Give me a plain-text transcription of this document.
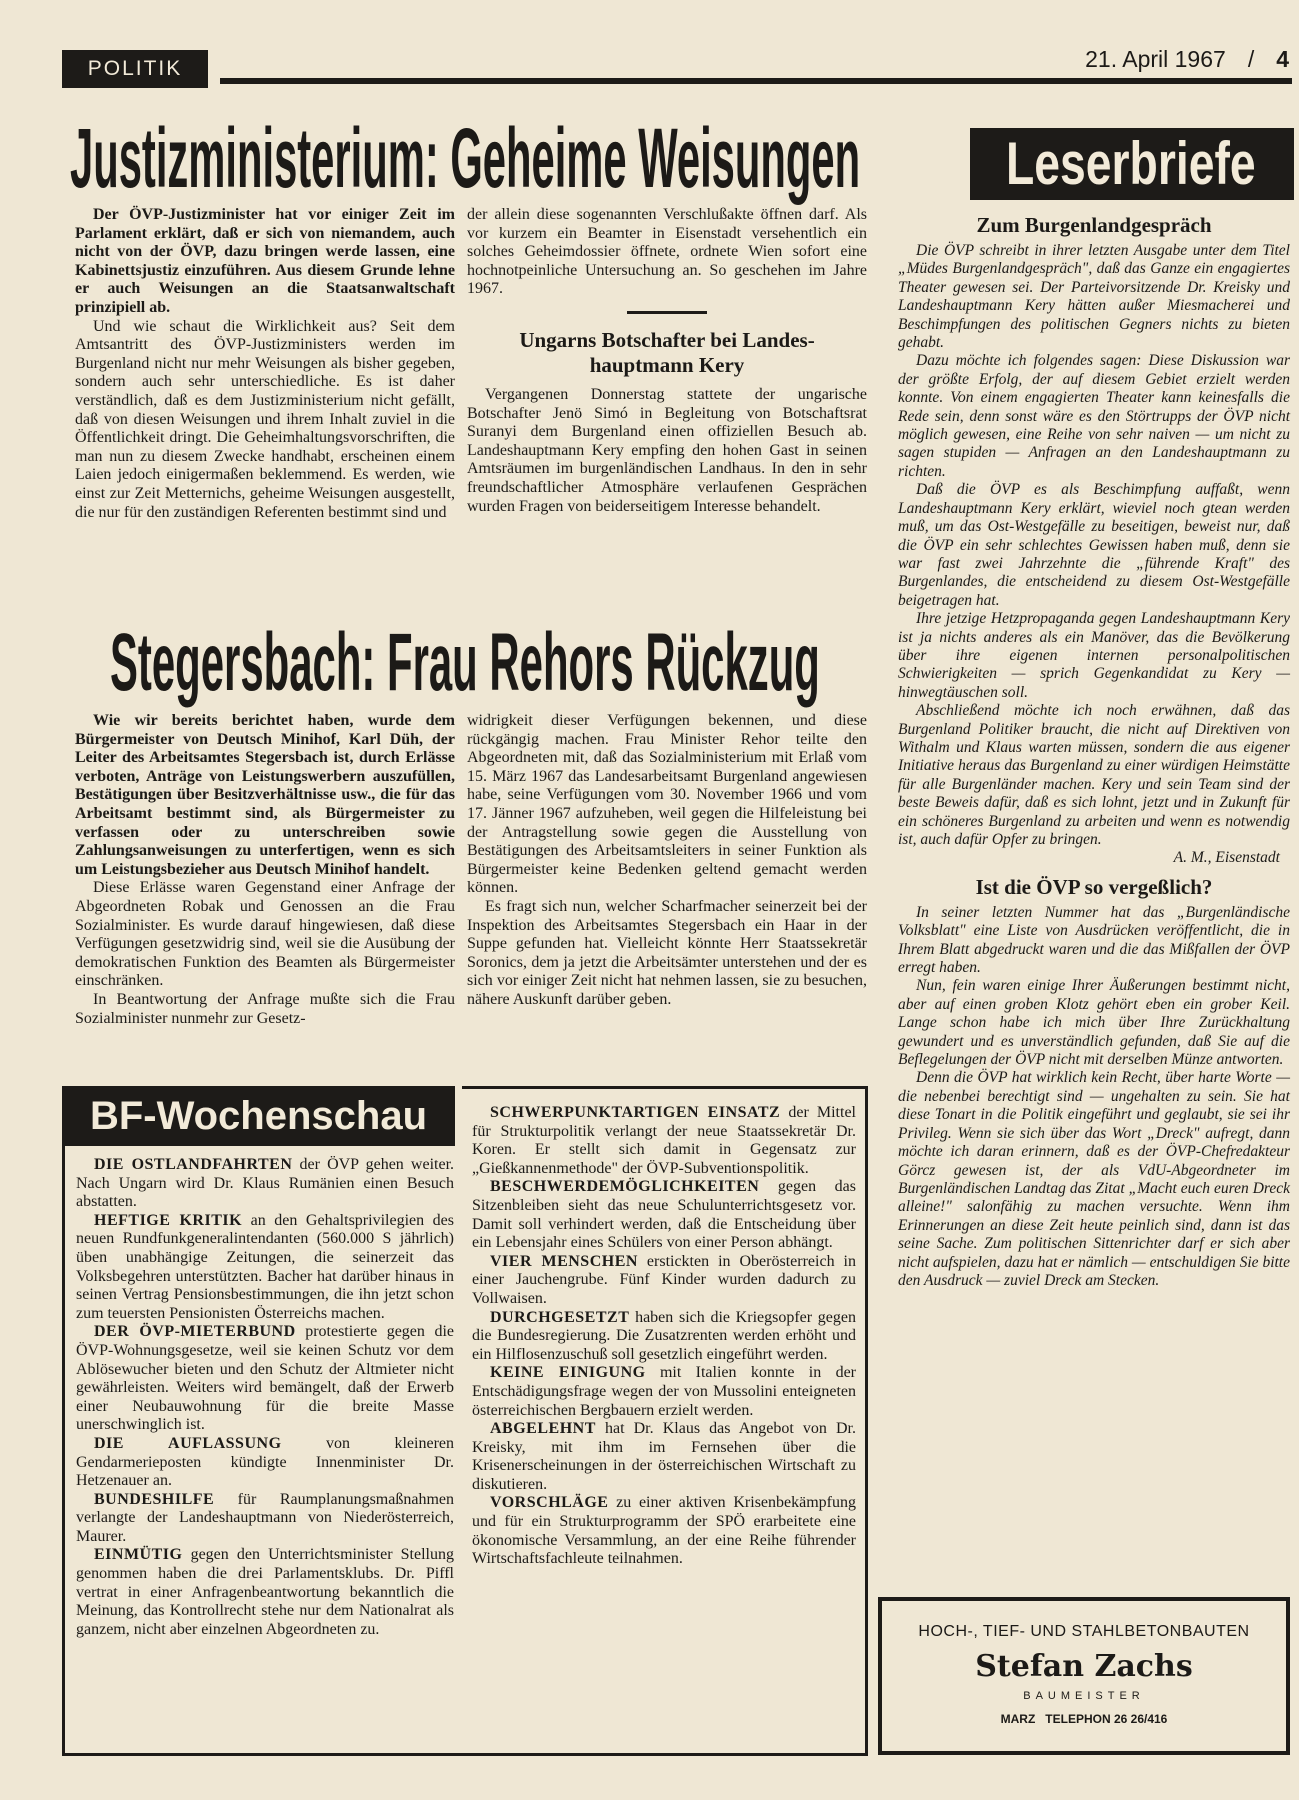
POLITIK	21. April 1967 / 4
Justizministerium: Geheime Weisungen

Der ÖVP-Justizminister hat vor einiger Zeit im Parlament erklärt, daß er sich von niemandem, auch nicht von der ÖVP, dazu bringen werde lassen, eine Kabinettsjustiz einzuführen. Aus diesem Grunde lehne er auch Weisungen an die Staatsanwaltschaft prinzipiell ab.

Und wie schaut die Wirklichkeit aus? Seit dem Amtsantritt des ÖVP-Justizministers werden im Burgenland nicht nur mehr Weisungen als bisher gegeben, sondern auch sehr unterschiedliche. Es ist daher verständlich, daß es dem Justizministerium nicht gefällt, daß von diesen Weisungen und ihrem Inhalt zuviel in die Öffentlichkeit dringt. Die Geheimhaltungsvorschriften, die man nun zu diesem Zwecke handhabt, erscheinen einem Laien jedoch einigermaßen beklemmend. Es werden, wie einst zur Zeit Metternichs, geheime Weisungen ausgestellt, die nur für den zuständigen Referenten bestimmt sind und

der allein diese sogenannten Verschlußakte öffnen darf. Als vor kurzem ein Beamter in Eisenstadt versehentlich ein solches Geheimdossier öffnete, ordnete Wien sofort eine hochnotpeinliche Untersuchung an. So geschehen im Jahre 1967.

Ungarns Botschafter bei Landes-
hauptmann Kery

Vergangenen Donnerstag stattete der ungarische Botschafter Jenö Simó in Begleitung von Botschaftsrat Suranyi dem Burgenland einen offiziellen Besuch ab. Landeshauptmann Kery empfing den hohen Gast in seinen Amtsräumen im burgenländischen Landhaus. In den in sehr freundschaftlicher Atmosphäre verlaufenen Gesprächen wurden Fragen von beiderseitigem Interesse behandelt.

Stegersbach: Frau Rehors Rückzug

Wie wir bereits berichtet haben, wurde dem Bürgermeister von Deutsch Minihof, Karl Düh, der Leiter des Arbeitsamtes Stegersbach ist, durch Erlässe verboten, Anträge von Leistungswerbern auszufüllen, Bestätigungen über Besitzverhältnisse usw., die für das Arbeitsamt bestimmt sind, als Bürgermeister zu verfassen oder zu unterschreiben sowie Zahlungsanweisungen zu unterfertigen, wenn es sich um Leistungsbezieher aus Deutsch Minihof handelt.

Diese Erlässe waren Gegenstand einer Anfrage der Abgeordneten Robak und Genossen an die Frau Sozialminister. Es wurde darauf hingewiesen, daß diese Verfügungen gesetzwidrig sind, weil sie die Ausübung der demokratischen Funktion des Beamten als Bürgermeister einschränken.

In Beantwortung der Anfrage mußte sich die Frau Sozialminister nunmehr zur Gesetz-

widrigkeit dieser Verfügungen bekennen, und diese rückgängig machen. Frau Minister Rehor teilte den Abgeordneten mit, daß das Sozialministerium mit Erlaß vom 15. März 1967 das Landesarbeitsamt Burgenland angewiesen habe, seine Verfügungen vom 30. November 1966 und vom 17. Jänner 1967 aufzuheben, weil gegen die Hilfeleistung bei der Antragstellung sowie gegen die Ausstellung von Bestätigungen des Arbeitsamtsleiters in seiner Funktion als Bürgermeister keine Bedenken geltend gemacht werden können.

Es fragt sich nun, welcher Scharfmacher seinerzeit bei der Inspektion des Arbeitsamtes Stegersbach ein Haar in der Suppe gefunden hat. Vielleicht könnte Herr Staatssekretär Soronics, dem ja jetzt die Arbeitsämter unterstehen und der es sich vor einiger Zeit nicht hat nehmen lassen, sie zu besuchen, nähere Auskunft darüber geben.

BF-Wochenschau

DIE OSTLANDFAHRTEN der ÖVP gehen weiter. Nach Ungarn wird Dr. Klaus Rumänien einen Besuch abstatten.

HEFTIGE KRITIK an den Gehaltsprivilegien des neuen Rundfunkgeneralintendanten (560.000 S jährlich) üben unabhängige Zeitungen, die seinerzeit das Volksbegehren unterstützten. Bacher hat darüber hinaus in seinen Vertrag Pensionsbestimmungen, die ihn jetzt schon zum teuersten Pensionisten Österreichs machen.

DER ÖVP-MIETERBUND protestierte gegen die ÖVP-Wohnungsgesetze, weil sie keinen Schutz vor dem Ablösewucher bieten und den Schutz der Altmieter nicht gewährleisten. Weiters wird bemängelt, daß der Erwerb einer Neubauwohnung für die breite Masse unerschwinglich ist.

DIE AUFLASSUNG von kleineren Gendarmerieposten kündigte Innenminister Dr. Hetzenauer an.

BUNDESHILFE für Raumplanungsmaßnahmen verlangte der Landeshauptmann von Niederösterreich, Maurer.

EINMÜTIG gegen den Unterrichtsminister Stellung genommen haben die drei Parlamentsklubs. Dr. Piffl vertrat in einer Anfragenbeantwortung bekanntlich die Meinung, das Kontrollrecht stehe nur dem Nationalrat als ganzem, nicht aber einzelnen Abgeordneten zu.

SCHWERPUNKTARTIGEN EINSATZ der Mittel für Strukturpolitik verlangt der neue Staatssekretär Dr. Koren. Er stellt sich damit in Gegensatz zur „Gießkannenmethode" der ÖVP-Subventionspolitik.

BESCHWERDEMÖGLICHKEITEN gegen das Sitzenbleiben sieht das neue Schulunterrichtsgesetz vor. Damit soll verhindert werden, daß die Entscheidung über ein Lebensjahr eines Schülers von einer Person abhängt.

VIER MENSCHEN erstickten in Oberösterreich in einer Jauchengrube. Fünf Kinder wurden dadurch zu Vollwaisen.

DURCHGESETZT haben sich die Kriegsopfer gegen die Bundesregierung. Die Zusatzrenten werden erhöht und ein Hilflosenzuschuß soll gesetzlich eingeführt werden.

KEINE EINIGUNG mit Italien konnte in der Entschädigungsfrage wegen der von Mussolini enteigneten österreichischen Bergbauern erzielt werden.

ABGELEHNT hat Dr. Klaus das Angebot von Dr. Kreisky, mit ihm im Fernsehen über die Krisenerscheinungen in der österreichischen Wirtschaft zu diskutieren.

VORSCHLÄGE zu einer aktiven Krisenbekämpfung und für ein Strukturprogramm der SPÖ erarbeitete eine ökonomische Versammlung, an der eine Reihe führender Wirtschaftsfachleute teilnahmen.

Leserbriefe
Zum Burgenlandgespräch

Die ÖVP schreibt in ihrer letzten Ausgabe unter dem Titel „Müdes Burgenlandgespräch", daß das Ganze ein engagiertes Theater gewesen sei. Der Parteivorsitzende Dr. Kreisky und Landeshauptmann Kery hätten außer Miesmacherei und Beschimpfungen des politischen Gegners nichts zu bieten gehabt.

Dazu möchte ich folgendes sagen: Diese Diskussion war der größte Erfolg, der auf diesem Gebiet erzielt werden konnte. Von einem engagierten Theater kann keinesfalls die Rede sein, denn sonst wäre es den Störtrupps der ÖVP nicht möglich gewesen, eine Reihe von sehr naiven — um nicht zu sagen stupiden — Anfragen an den Landeshauptmann zu richten.

Daß die ÖVP es als Beschimpfung auffaßt, wenn Landeshauptmann Kery erklärt, wieviel noch gtean werden muß, um das Ost-Westgefälle zu beseitigen, beweist nur, daß die ÖVP ein sehr schlechtes Gewissen haben muß, denn sie war fast zwei Jahrzehnte die „führende Kraft" des Burgenlandes, die entscheidend zu diesem Ost-Westgefälle beigetragen hat.

Ihre jetzige Hetzpropaganda gegen Landeshauptmann Kery ist ja nichts anderes als ein Manöver, das die Bevölkerung über ihre eigenen internen personalpolitischen Schwierigkeiten — sprich Gegenkandidat zu Kery — hinwegtäuschen soll.

Abschließend möchte ich noch erwähnen, daß das Burgenland Politiker braucht, die nicht auf Direktiven von Withalm und Klaus warten müssen, sondern die aus eigener Initiative heraus das Burgenland zu einer würdigen Heimstätte für alle Burgenländer machen. Kery und sein Team sind der beste Beweis dafür, daß es sich lohnt, jetzt und in Zukunft für ein schöneres Burgenland zu arbeiten und wenn es notwendig ist, auch dafür Opfer zu bringen.

A. M., Eisenstadt

Ist die ÖVP so vergeßlich?

In seiner letzten Nummer hat das „Burgenländische Volksblatt" eine Liste von Ausdrücken veröffentlicht, die in Ihrem Blatt abgedruckt waren und die das Mißfallen der ÖVP erregt haben.

Nun, fein waren einige Ihrer Äußerungen bestimmt nicht, aber auf einen groben Klotz gehört eben ein grober Keil. Lange schon habe ich mich über Ihre Zurückhaltung gewundert und es unverständlich gefunden, daß Sie auf die Beflegelungen der ÖVP nicht mit derselben Münze antworten.

Denn die ÖVP hat wirklich kein Recht, über harte Worte — die nebenbei berechtigt sind — ungehalten zu sein. Sie hat diese Tonart in die Politik eingeführt und geglaubt, sie sei ihr Privileg. Wenn sie sich über das Wort „Dreck" aufregt, dann möchte ich daran erinnern, daß es der ÖVP-Chefredakteur Görcz gewesen ist, der als VdU-Abgeordneter im Burgenländischen Landtag das Zitat „Macht euch euren Dreck alleine!" salonfähig zu machen versuchte. Wenn ihm Erinnerungen an diese Zeit heute peinlich sind, dann ist das seine Sache. Zum politischen Sittenrichter darf er sich aber nicht aufspielen, dazu hat er nämlich — entschuldigen Sie bitte den Ausdruck — zuviel Dreck am Stecken.

HOCH-, TIEF- UND STAHLBETONBAUTEN
Stefan Zachs
BAUMEISTER
MARZ   TELEPHON 26 26/416
